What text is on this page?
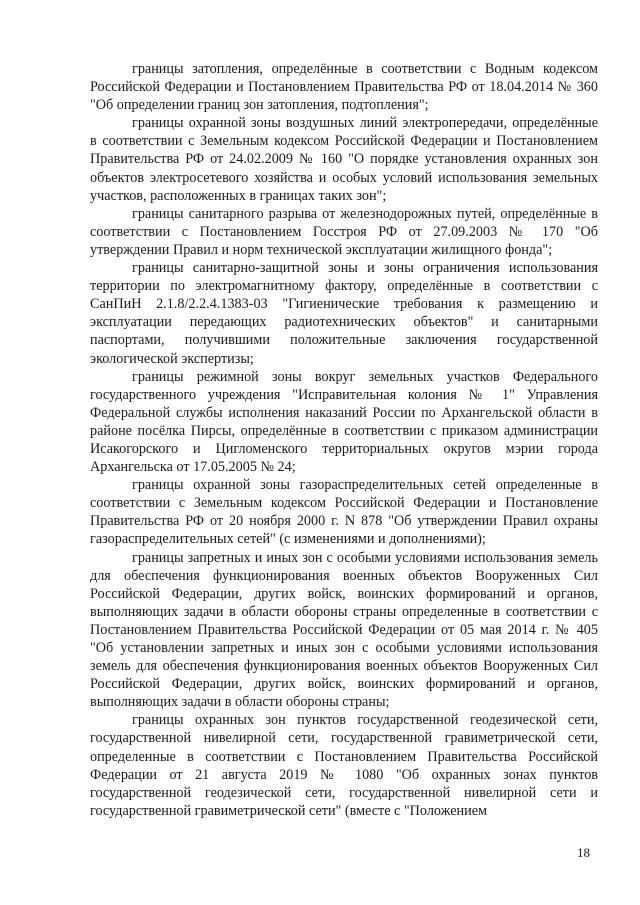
границы затопления, определённые в соответствии с Водным кодексом Российской Федерации и Постановлением Правительства РФ от 18.04.2014 № 360 "Об определении границ зон затопления, подтопления";

границы охранной зоны воздушных линий электропередачи, определённые в соответствии с Земельным кодексом Российской Федерации и Постановлением Правительства РФ от 24.02.2009 № 160 "О порядке установления охранных зон объектов электросетевого хозяйства и особых условий использования земельных участков, расположенных в границах таких зон";

границы санитарного разрыва от железнодорожных путей, определённые в соответствии с Постановлением Госстроя РФ от 27.09.2003 № 170 "Об утверждении Правил и норм технической эксплуатации жилищного фонда";

границы санитарно-защитной зоны и зоны ограничения использования территории по электромагнитному фактору, определённые в соответствии с СанПиН 2.1.8/2.2.4.1383-03 "Гигиенические требования к размещению и эксплуатации передающих радиотехнических объектов" и санитарными паспортами, получившими положительные заключения государственной экологической экспертизы;

границы режимной зоны вокруг земельных участков Федерального государственного учреждения "Исправительная колония № 1" Управления Федеральной службы исполнения наказаний России по Архангельской области в районе посёлка Пирсы, определённые в соответствии с приказом администрации Исакогорского и Цигломенского территориальных округов мэрии города Архангельска от 17.05.2005 № 24;

границы охранной зоны газораспределительных сетей определенные в соответствии с Земельным кодексом Российской Федерации и Постановление Правительства РФ от 20 ноября 2000 г. N 878 "Об утверждении Правил охраны газораспределительных сетей" (с изменениями и дополнениями);

границы запретных и иных зон с особыми условиями использования земель для обеспечения функционирования военных объектов Вооруженных Сил Российской Федерации, других войск, воинских формирований и органов, выполняющих задачи в области обороны страны определенные в соответствии с Постановлением Правительства Российской Федерации от 05 мая 2014 г. № 405 "Об установлении запретных и иных зон с особыми условиями использования земель для обеспечения функционирования военных объектов Вооруженных Сил Российской Федерации, других войск, воинских формирований и органов, выполняющих задачи в области обороны страны;

границы охранных зон пунктов государственной геодезической сети, государственной нивелирной сети, государственной гравиметрической сети, определенные в соответствии с Постановлением Правительства Российской Федерации от 21 августа 2019 № 1080 "Об охранных зонах пунктов государственной геодезической сети, государственной нивелирной сети и государственной гравиметрической сети" (вместе с "Положением

18
